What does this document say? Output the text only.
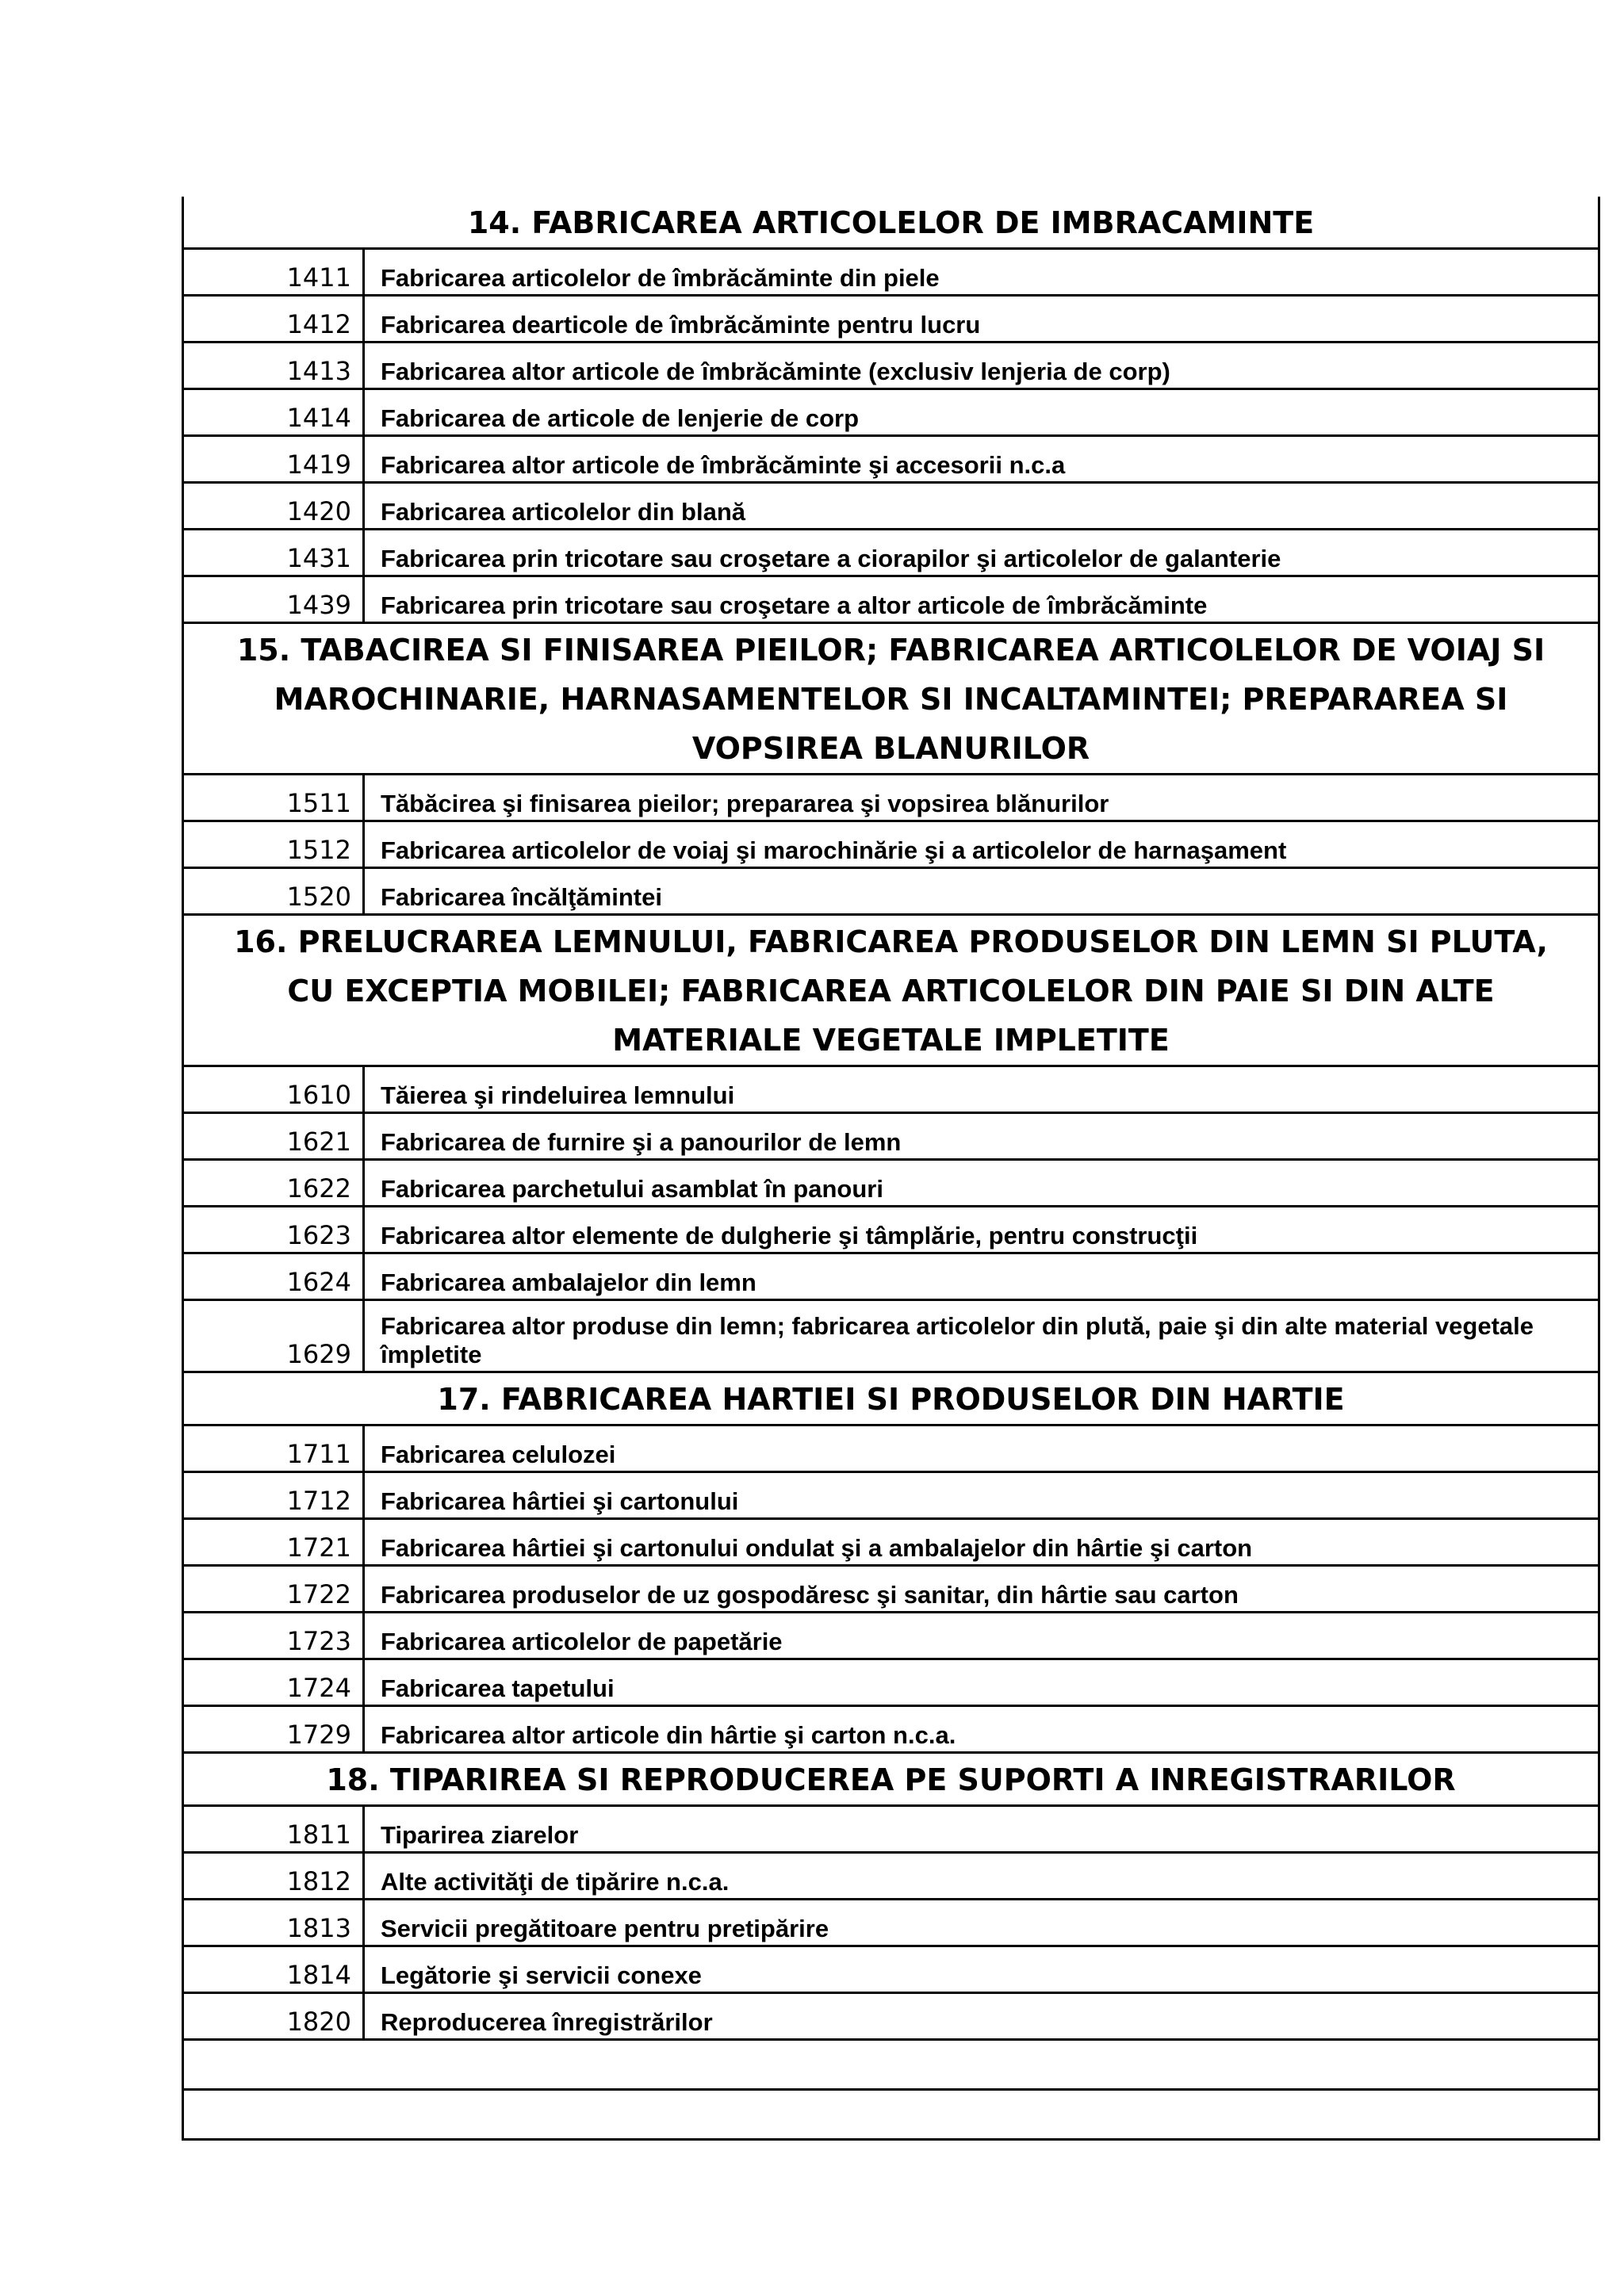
14. FABRICAREA ARTICOLELOR DE IMBRACAMINTE	
1411	Fabricarea articolelor de îmbrăcăminte din piele
1412	Fabricarea dearticole de îmbrăcăminte pentru lucru
1413	Fabricarea altor articole de îmbrăcăminte (exclusiv lenjeria de corp)
1414	Fabricarea de articole de lenjerie de corp
1419	Fabricarea altor articole de îmbrăcăminte şi accesorii n.c.a
1420	Fabricarea articolelor din blană
1431	Fabricarea prin tricotare sau croşetare a ciorapilor şi articolelor de galanterie
1439	Fabricarea prin tricotare sau croşetare a altor articole de îmbrăcăminte
15. TABACIREA SI FINISAREA PIEILOR; FABRICAREA ARTICOLELOR DE VOIAJ SI MAROCHINARIE, HARNASAMENTELOR SI INCALTAMINTEI; PREPARAREA SI VOPSIREA BLANURILOR	
1511	Tăbăcirea şi finisarea pieilor; prepararea şi vopsirea blănurilor
1512	Fabricarea articolelor de voiaj şi marochinărie şi a articolelor de harnaşament
1520	Fabricarea încălţămintei
16. PRELUCRAREA LEMNULUI, FABRICAREA PRODUSELOR DIN LEMN SI PLUTA, CU EXCEPTIA MOBILEI; FABRICAREA ARTICOLELOR DIN PAIE SI DIN ALTE MATERIALE VEGETALE IMPLETITE	
1610	Tăierea şi rindeluirea lemnului
1621	Fabricarea de furnire şi a panourilor de lemn
1622	Fabricarea parchetului asamblat în panouri
1623	Fabricarea altor elemente de dulgherie şi tâmplărie, pentru construcţii
1624	Fabricarea ambalajelor din lemn
1629	Fabricarea altor produse din lemn; fabricarea articolelor din plută, paie şi din alte material vegetale împletite
17. FABRICAREA HARTIEI SI PRODUSELOR DIN HARTIE	
1711	Fabricarea celulozei
1712	Fabricarea hârtiei şi cartonului
1721	Fabricarea hârtiei şi cartonului ondulat şi a ambalajelor din hârtie şi carton
1722	Fabricarea produselor de uz gospodăresc şi sanitar, din hârtie sau carton
1723	Fabricarea articolelor de papetărie
1724	Fabricarea tapetului
1729	Fabricarea altor articole din hârtie şi carton n.c.a.
18. TIPARIREA SI REPRODUCEREA PE SUPORTI A INREGISTRARILOR	
1811	Tiparirea ziarelor
1812	Alte activităţi de tipărire n.c.a.
1813	Servicii pregătitoare pentru pretipărire
1814	Legătorie şi servicii conexe
1820	Reproducerea înregistrărilor
